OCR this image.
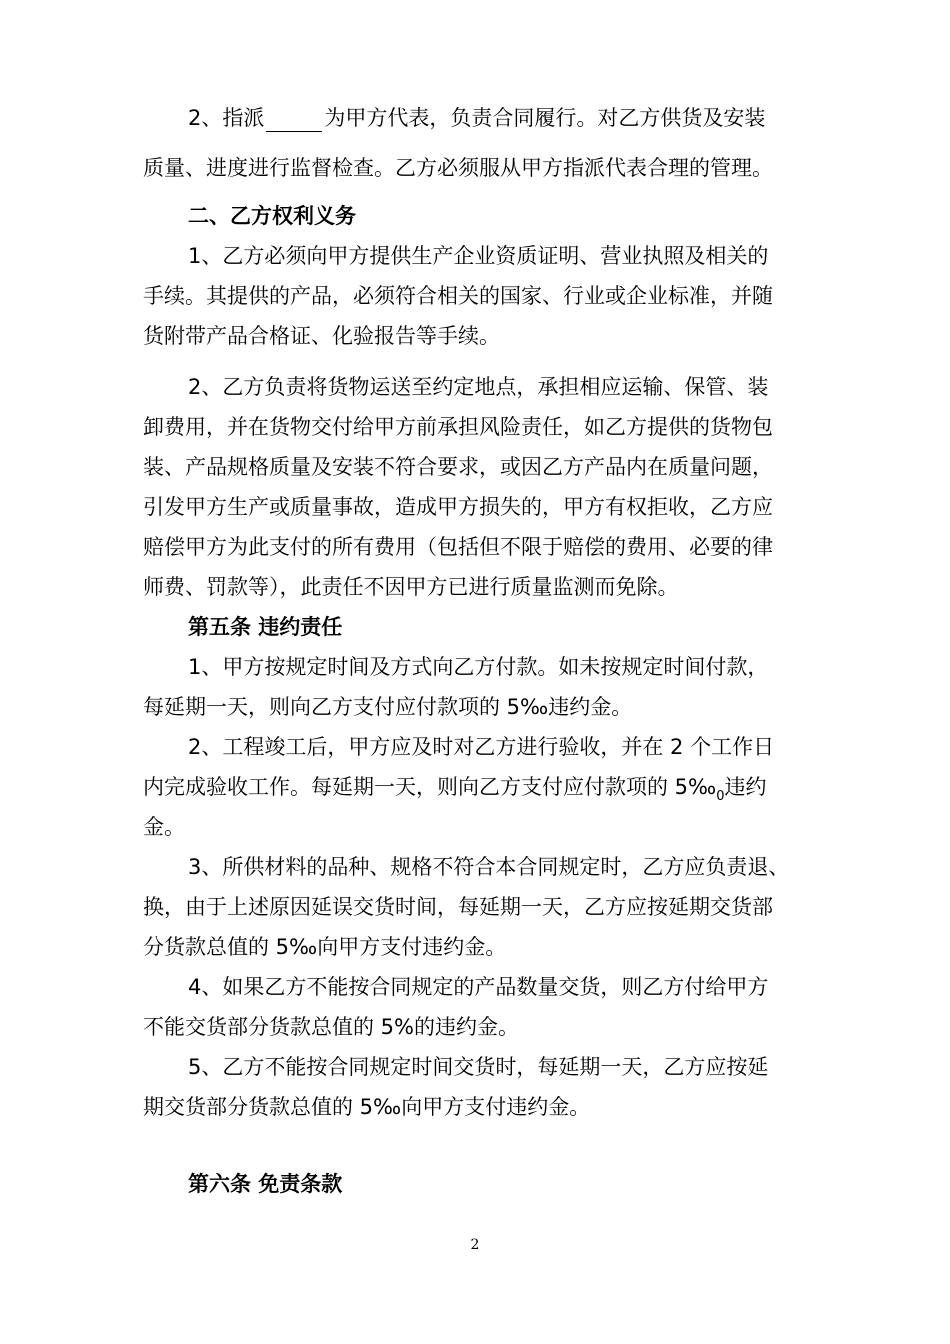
2、指派	为甲方代表，负责合同履行。对乙方供货及安装

质量、进度进行监督检查。乙方必须服从甲方指派代表合理的管理。

二、乙方权利义务

1、乙方必须向甲方提供生产企业资质证明、营业执照及相关的

手续。其提供的产品，必须符合相关的国家、行业或企业标准，并随

货附带产品合格证、化验报告等手续。

2、乙方负责将货物运送至约定地点，承担相应运输、保管、装

卸费用，并在货物交付给甲方前承担风险责任，如乙方提供的货物包

装、产品规格质量及安装不符合要求，或因乙方产品内在质量问题，

引发甲方生产或质量事故，造成甲方损失的，甲方有权拒收，乙方应

赔偿甲方为此支付的所有费用（包括但不限于赔偿的费用、必要的律

师费、罚款等），此责任不因甲方已进行质量监测而免除。

第五条 违约责任

1、甲方按规定时间及方式向乙方付款。如未按规定时间付款，

每延期一天，则向乙方支付应付款项的 5‰违约金。

2、工程竣工后，甲方应及时对乙方进行验收，并在 2 个工作日

内完成验收工作。每延期一天，则向乙方支付应付款项的 $5‰_0$违约

金。

3、所供材料的品种、规格不符合本合同规定时，乙方应负责退、

换，由于上述原因延误交货时间，每延期一天，乙方应按延期交货部

分货款总值的 5‰向甲方支付违约金。

4、如果乙方不能按合同规定的产品数量交货，则乙方付给甲方

不能交货部分货款总值的 5%的违约金。

5、乙方不能按合同规定时间交货时，每延期一天，乙方应按延

期交货部分货款总值的 5‰向甲方支付违约金。

第六条 免责条款

2
